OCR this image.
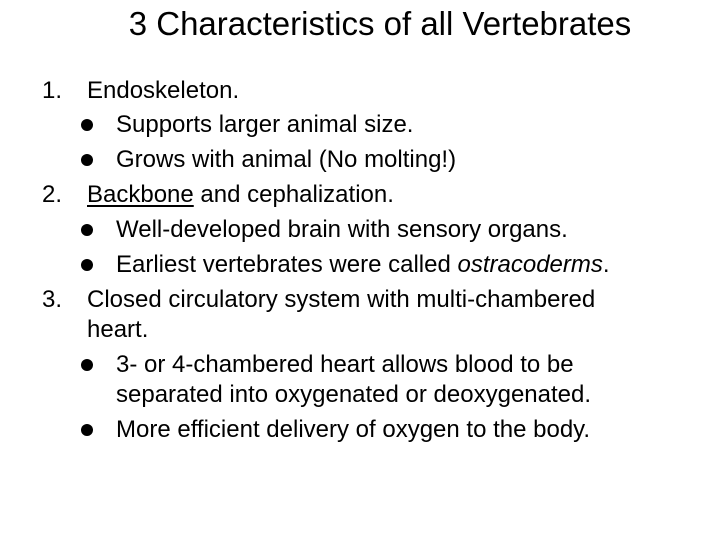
3 Characteristics of all Vertebrates
1. Endoskeleton.
Supports larger animal size.
Grows with animal (No molting!)
2. Backbone and cephalization.
Well-developed brain with sensory organs.
Earliest vertebrates were called ostracoderms.
3. Closed circulatory system with multi-chambered
heart.
3- or 4-chambered heart allows blood to be
separated into oxygenated or deoxygenated.
More efficient delivery of oxygen to the body.
